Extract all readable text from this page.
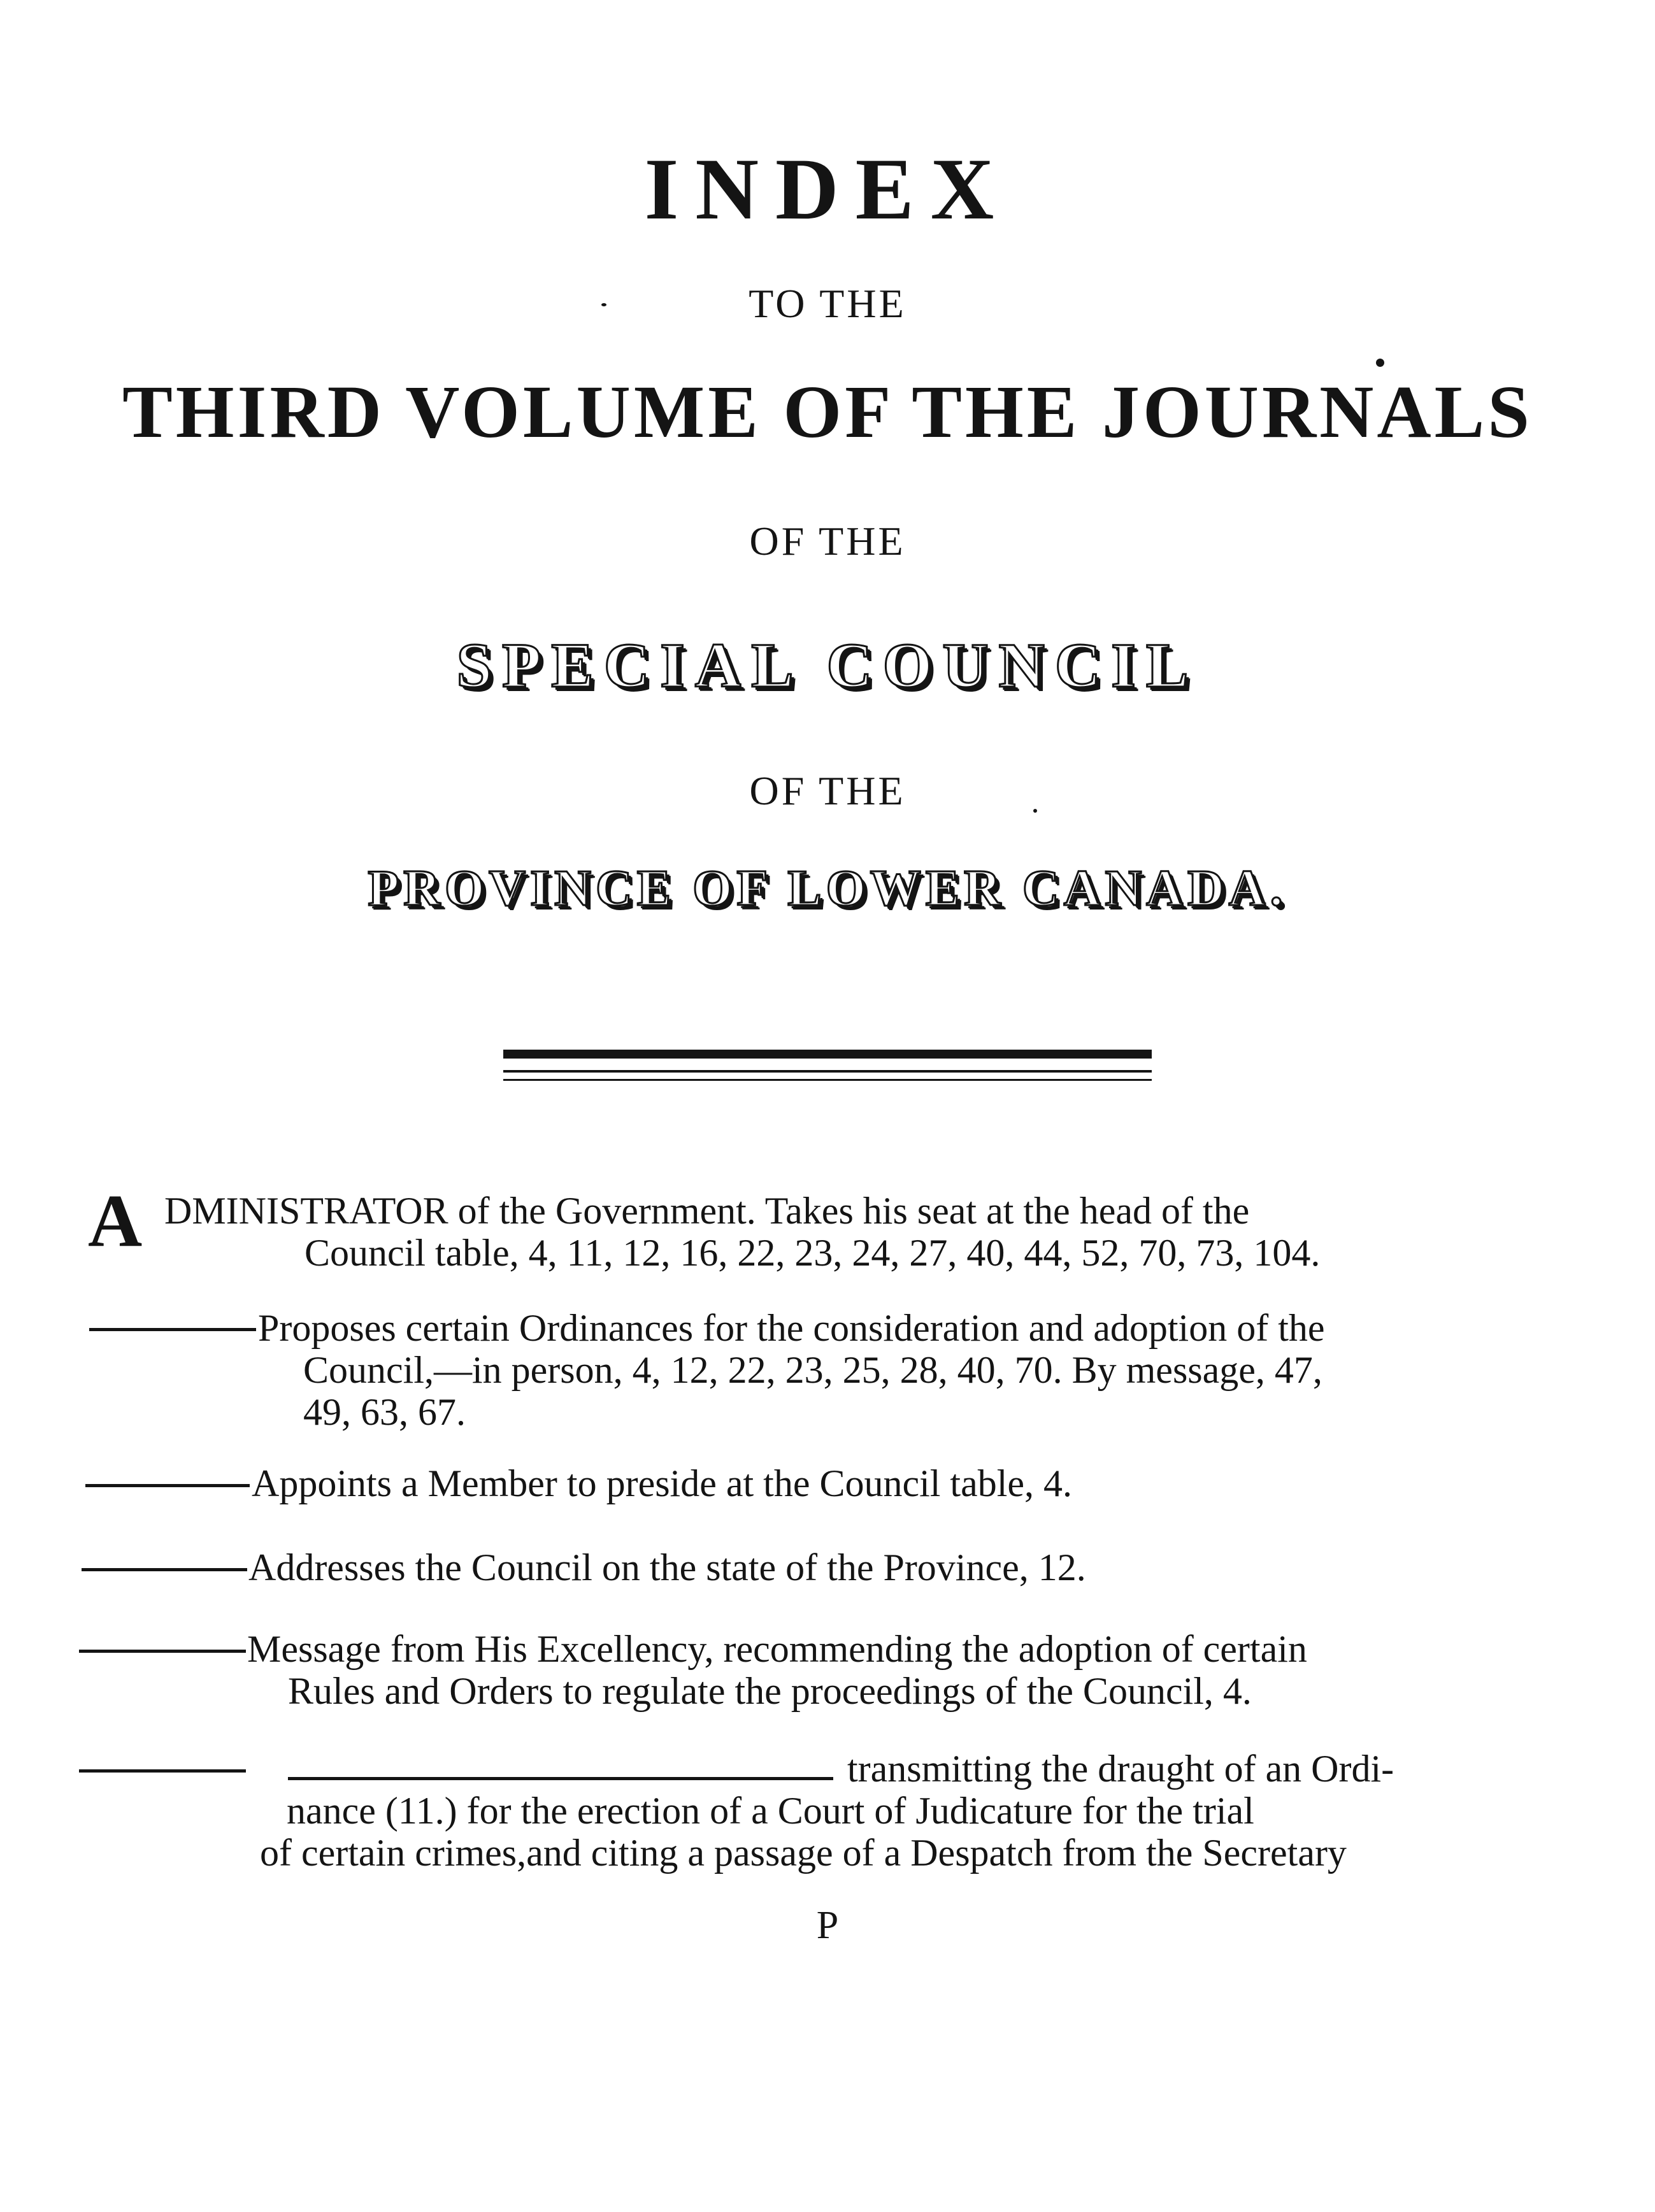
INDEX
TO THE
THIRD VOLUME OF THE JOURNALS
OF THE
SPECIAL COUNCIL
OF THE
PROVINCE OF LOWER CANADA.
A DMINISTRATOR of the Government. Takes his seat at the head of the
Council table, 4, 11, 12, 16, 22, 23, 24, 27, 40, 44, 52, 70, 73, 104.
Proposes certain Ordinances for the consideration and adoption of the
Council,—in person, 4, 12, 22, 23, 25, 28, 40, 70. By message, 47,
49, 63, 67.
Appoints a Member to preside at the Council table, 4.
Addresses the Council on the state of the Province, 12.
Message from His Excellency, recommending the adoption of certain
Rules and Orders to regulate the proceedings of the Council, 4.
transmitting the draught of an Ordi-
nance (11.) for the erection of a Court of Judicature for the trial
of certain crimes,and citing a passage of a Despatch from the Secretary
P
